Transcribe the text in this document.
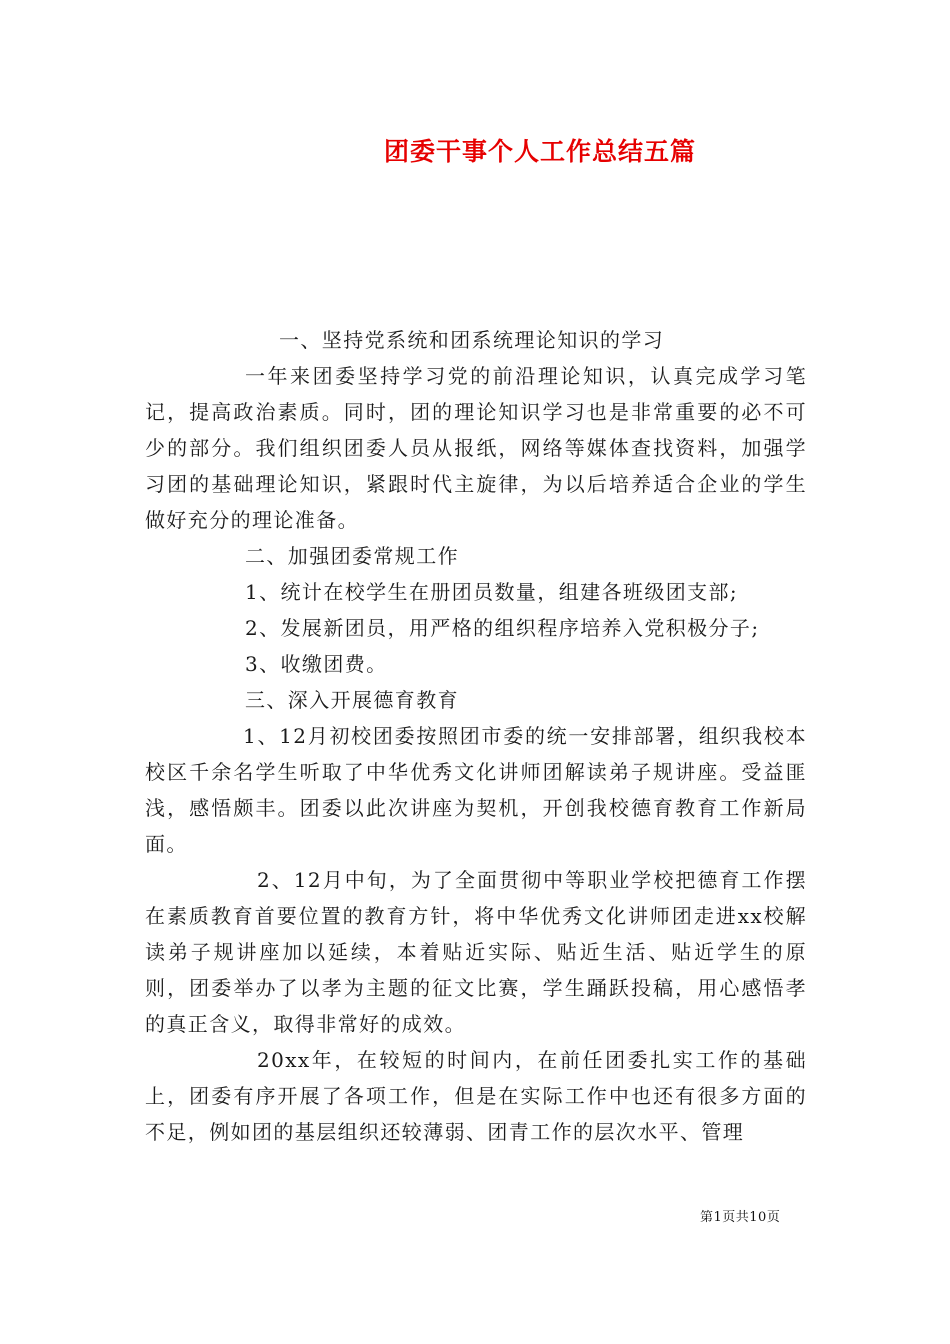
团委干事个人工作总结五篇

一、坚持党系统和团系统理论知识的学习

一年来团委坚持学习党的前沿理论知识，认真完成学习笔记，提高政治素质。同时，团的理论知识学习也是非常重要的必不可少的部分。我们组织团委人员从报纸，网络等媒体查找资料，加强学习团的基础理论知识，紧跟时代主旋律，为以后培养适合企业的学生做好充分的理论准备。

二、加强团委常规工作

1、统计在校学生在册团员数量，组建各班级团支部;

2、发展新团员，用严格的组织程序培养入党积极分子;

3、收缴团费。

三、深入开展德育教育

1、12月初校团委按照团市委的统一安排部署，组织我校本校区千余名学生听取了中华优秀文化讲师团解读弟子规讲座。受益匪浅，感悟颇丰。团委以此次讲座为契机，开创我校德育教育工作新局面。

2、12月中旬，为了全面贯彻中等职业学校把德育工作摆在素质教育首要位置的教育方针，将中华优秀文化讲师团走进xx校解读弟子规讲座加以延续，本着贴近实际、贴近生活、贴近学生的原则，团委举办了以孝为主题的征文比赛，学生踊跃投稿，用心感悟孝的真正含义，取得非常好的成效。

20xx年，在较短的时间内，在前任团委扎实工作的基础上，团委有序开展了各项工作，但是在实际工作中也还有很多方面的不足，例如团的基层组织还较薄弱、团青工作的层次水平、管理

第1页共10页
